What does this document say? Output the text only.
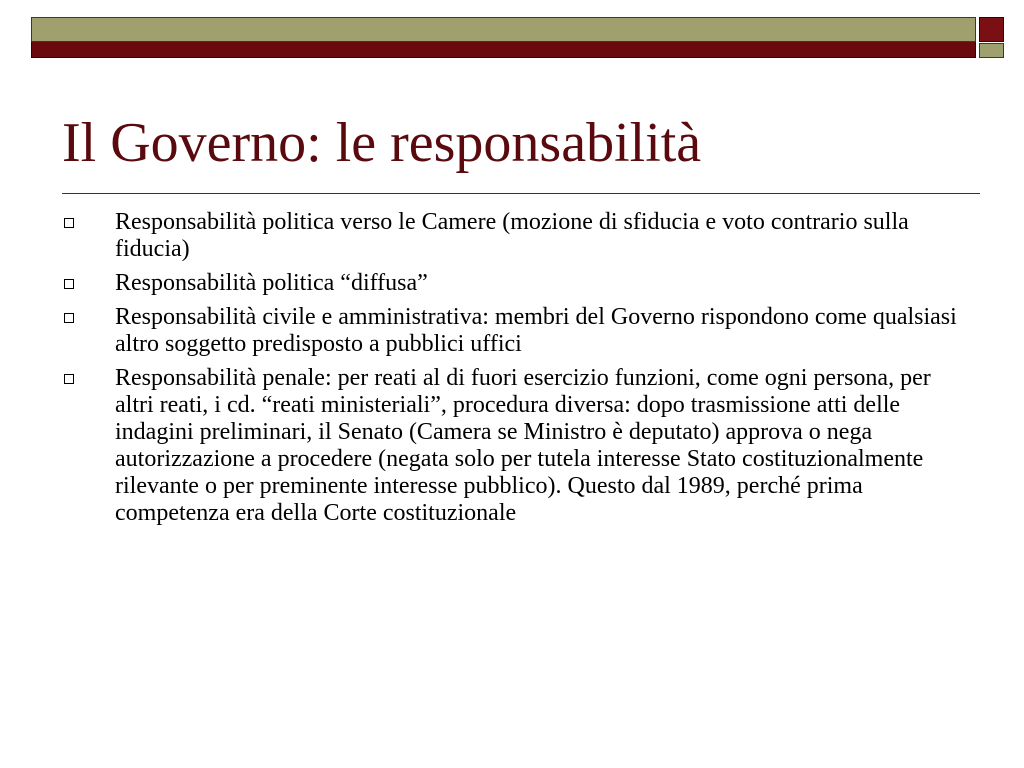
Il Governo: le responsabilità
Responsabilità politica verso le Camere (mozione di sfiducia e voto contrario sulla fiducia)
Responsabilità politica “diffusa”
Responsabilità civile e amministrativa: membri del Governo rispondono come qualsiasi altro soggetto predisposto a pubblici uffici
Responsabilità penale: per reati al di fuori esercizio funzioni, come ogni persona, per altri reati, i cd. “reati ministeriali”, procedura diversa: dopo trasmissione atti delle indagini preliminari, il Senato (Camera se Ministro è deputato) approva o nega autorizzazione a procedere (negata solo per tutela interesse Stato costituzionalmente rilevante o per preminente interesse pubblico). Questo dal 1989, perché prima competenza era della Corte costituzionale
